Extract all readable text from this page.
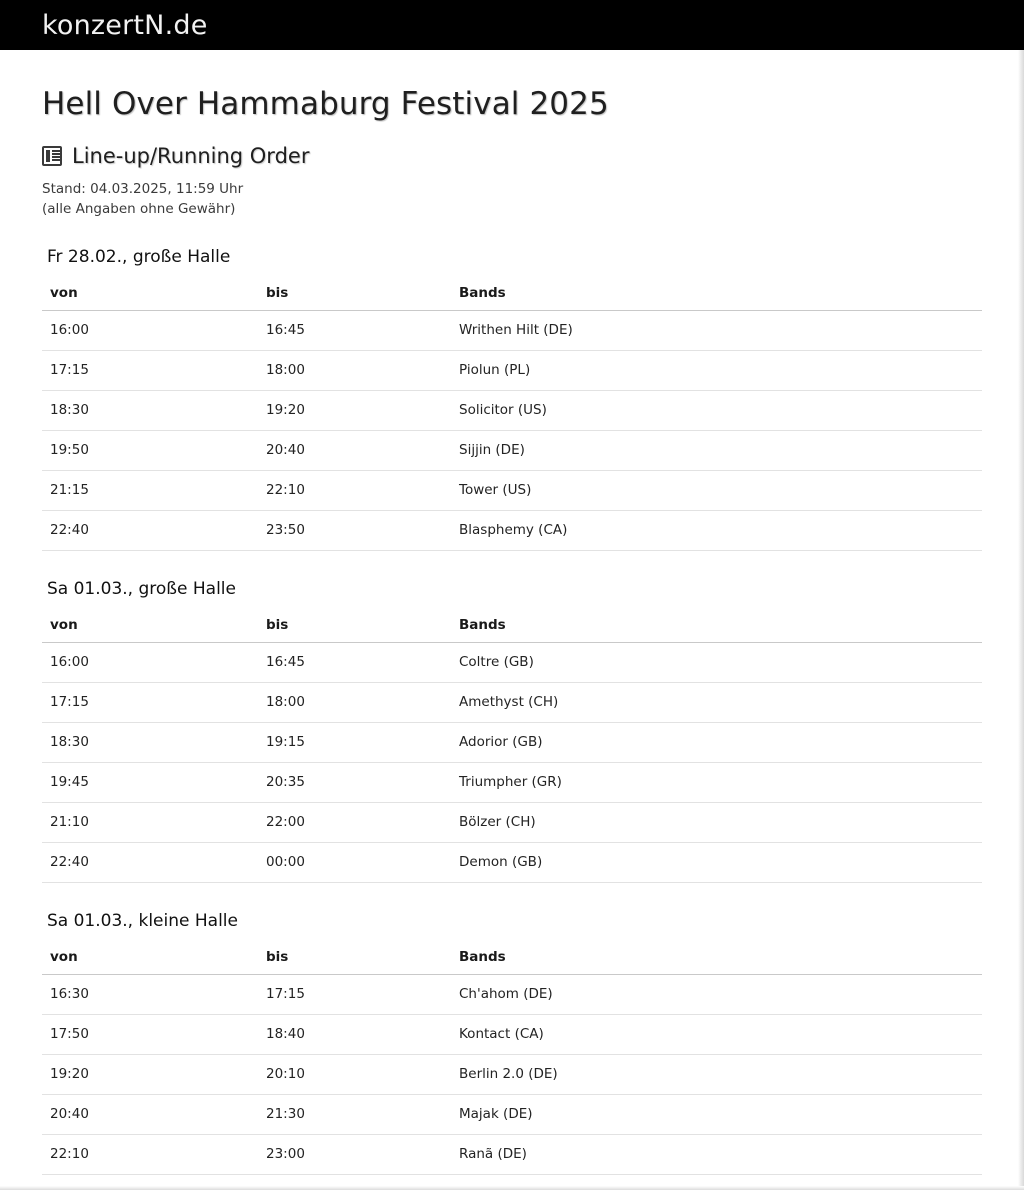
konzertN.de
Hell Over Hammaburg Festival 2025
Line-up/Running Order
Stand: 04.03.2025, 11:59 Uhr
(alle Angaben ohne Gewähr)
Fr 28.02., große Halle
von	bis	Bands
16:00	16:45	Writhen Hilt (DE)
17:15	18:00	Piolun (PL)
18:30	19:20	Solicitor (US)
19:50	20:40	Sijjin (DE)
21:15	22:10	Tower (US)
22:40	23:50	Blasphemy (CA)
Sa 01.03., große Halle
von	bis	Bands
16:00	16:45	Coltre (GB)
17:15	18:00	Amethyst (CH)
18:30	19:15	Adorior (GB)
19:45	20:35	Triumpher (GR)
21:10	22:00	Bölzer (CH)
22:40	00:00	Demon (GB)
Sa 01.03., kleine Halle
von	bis	Bands
16:30	17:15	Ch'ahom (DE)
17:50	18:40	Kontact (CA)
19:20	20:10	Berlin 2.0 (DE)
20:40	21:30	Majak (DE)
22:10	23:00	Ranã (DE)
